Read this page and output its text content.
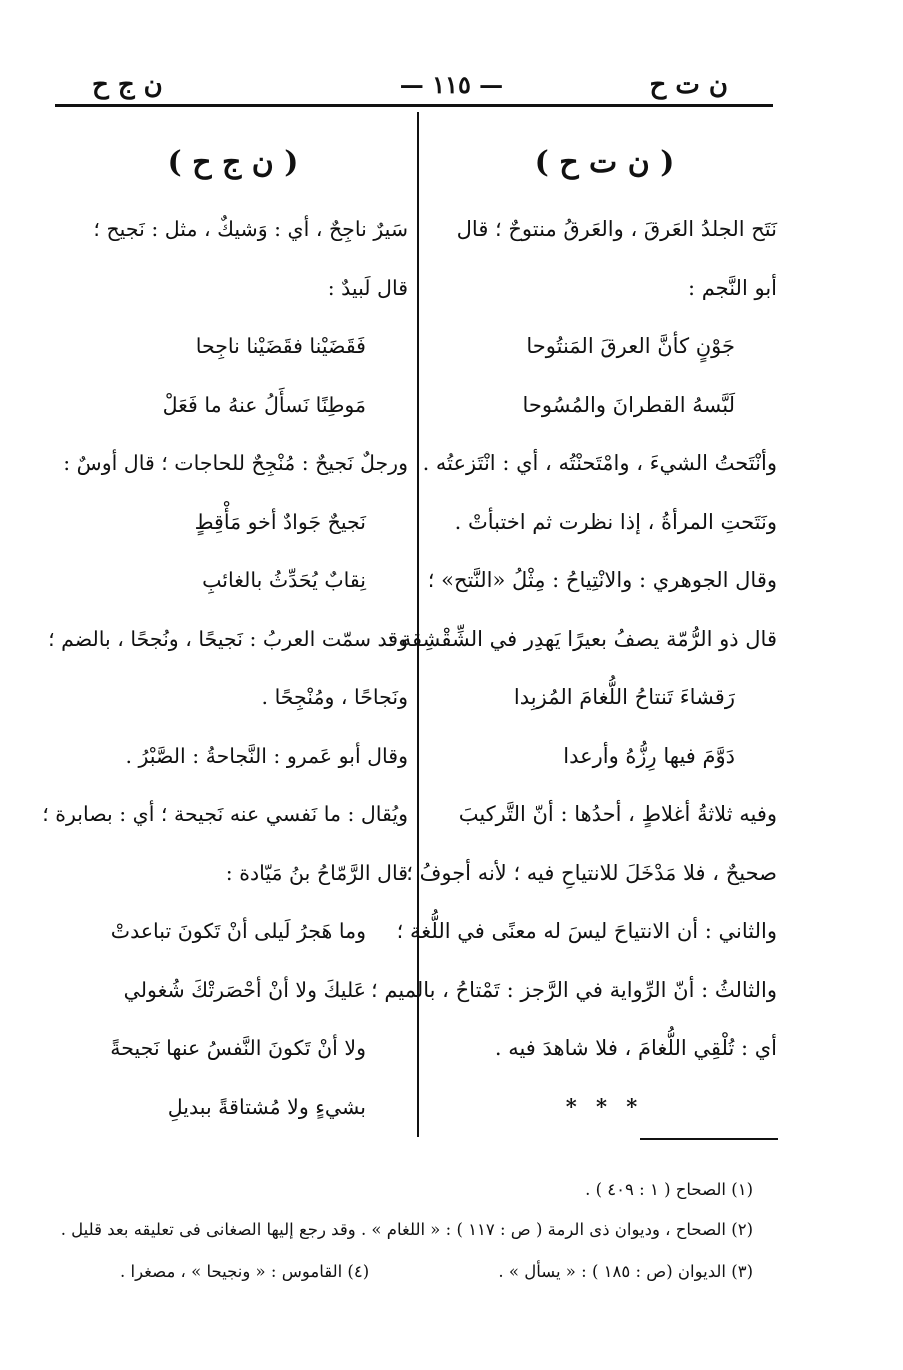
ن ت ح
— ١١٥ —
ن ج ح
( ن ت ح )
نَتَح الجلدُ العَرقَ ، والعَرقُ منتوحٌ ؛ قال
أبو النَّجم :
جَوْنٍ كأنَّ العرقَ المَنتُوحا
لَبَّسهُ القطرانَ والمُسُوحا
وأنْتَحتُ الشيءَ ، وامْتَحنْتُه ، أي : انْتَزعتُه .
ونَتَحتِ المرأةُ ، إذا نظرت ثم اختبأتْ .
وقال الجوهري : والانْتِياحُ : مِثْلُ «النَّتح» ؛
قال ذو الرُّمّة يصفُ بعيرًا يَهدِر في الشِّقْشِقة :
رَقشاءَ تَنتاحُ اللُّغامَ المُزبِدا
دَوَّمَ فيها رِزُّهُ وأرعدا
وفيه ثلاثةُ أغلاطٍ ، أحدُها : أنّ التَّركيبَ
صحيحٌ ، فلا مَدْخَلَ للانتياحِ فيه ؛ لأنه أجوفُ ؛
والثاني : أن الانتياحَ ليسَ له معنًى في اللُّغة ؛
والثالثُ : أنّ الرِّواية في الرَّجز : تَمْتاحُ ، بالميم ؛
أي : تُلْقِي اللُّغامَ ، فلا شاهدَ فيه .
* * *
( ن ج ح )
سَيرٌ ناجِحٌ ، أي : وَشيكٌ ، مثل : نَجيح ؛
قال لَبيدٌ :
فَقَضَيْنا فقَضَيْنا ناجِحا
مَوطِنًا نَسأَلُ عنهُ ما فَعَلْ
ورجلٌ نَجيحٌ : مُنْجِحٌ للحاجات ؛ قال أوسٌ :
نَجيحٌ جَوادٌ أخو مَأْقِطٍ
نِقابٌ يُحَدِّثُ بالغائبِ
وقد سمّت العربُ : نَجيحًا ، ونُجحًا ، بالضم ؛
ونَجاحًا ، ومُنْجِحًا .
وقال أبو عَمرو : النَّجاحةُ : الصَّبْرُ .
ويُقال : ما نَفسي عنه نَجيحة ؛ أي : بصابرة ؛
قال الرَّمّاحُ بنُ مَيّادة :
وما هَجرُ لَيلى أنْ تَكونَ تباعدتْ
عَليكَ ولا أنْ أحْصَرتْكَ شُغولي
ولا أنْ تَكونَ النَّفسُ عنها نَجيحةً
بشيءٍ ولا مُشتاقةً ببديلِ
(١) الصحاح ( ١ : ٤٠٩ ) .
(٢) الصحاح ، وديوان ذى الرمة ( ص : ١١٧ ) : « اللغام » . وقد رجع إليها الصغانى فى تعليقه بعد قليل .
(٣) الديوان (ص : ١٨٥ ) : « يسأل » .
(٤) القاموس : « ونجيحا » ، مصغرا .
